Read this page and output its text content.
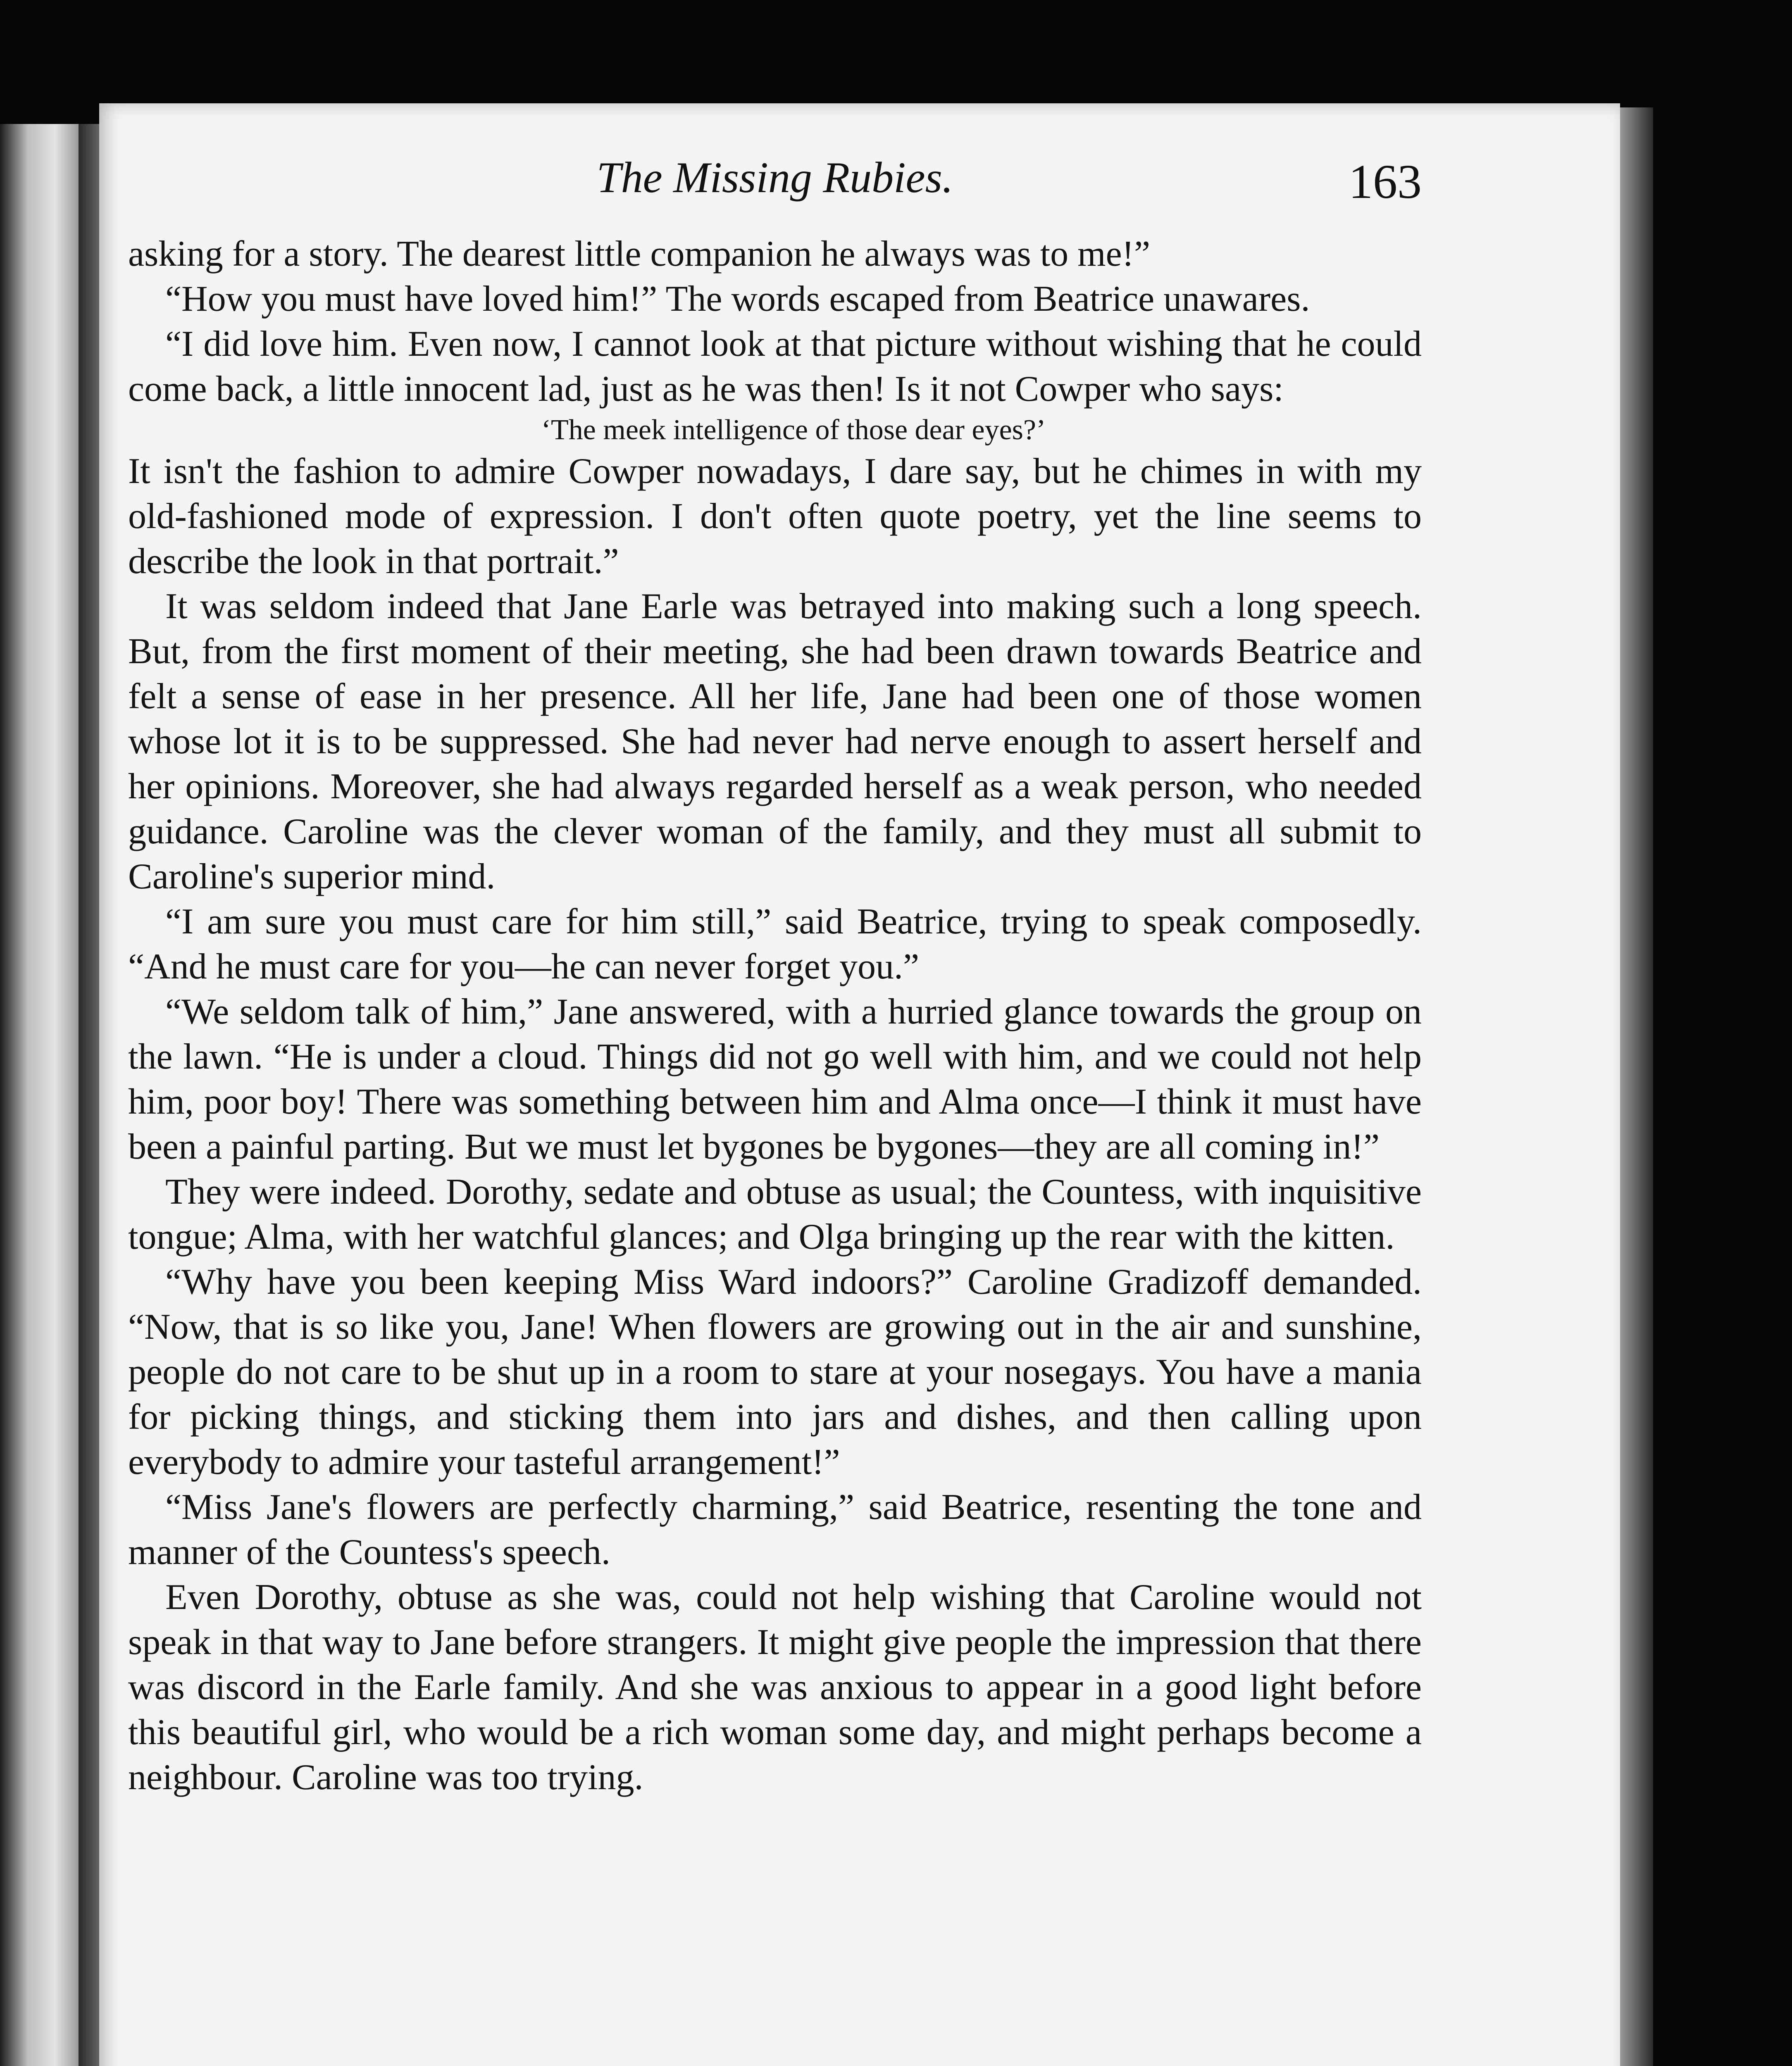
The Missing Rubies.	163

asking for a story. The dearest little companion he always was to me!”

“How you must have loved him!” The words escaped from Beatrice unawares.

“I did love him. Even now, I cannot look at that picture without wishing that he could come back, a little innocent lad, just as he was then! Is it not Cowper who says:

‘The meek intelligence of those dear eyes?’

It isn't the fashion to admire Cowper nowadays, I dare say, but he chimes in with my old-fashioned mode of expression. I don't often quote poetry, yet the line seems to describe the look in that portrait.”

It was seldom indeed that Jane Earle was betrayed into making such a long speech. But, from the first moment of their meeting, she had been drawn towards Beatrice and felt a sense of ease in her presence. All her life, Jane had been one of those women whose lot it is to be suppressed. She had never had nerve enough to assert herself and her opinions. Moreover, she had always regarded herself as a weak person, who needed guidance. Caroline was the clever woman of the family, and they must all submit to Caroline's superior mind.

“I am sure you must care for him still,” said Beatrice, trying to speak composedly. “And he must care for you—he can never forget you.”

“We seldom talk of him,” Jane answered, with a hurried glance towards the group on the lawn. “He is under a cloud. Things did not go well with him, and we could not help him, poor boy! There was something between him and Alma once—I think it must have been a painful parting. But we must let bygones be bygones—they are all coming in!”

They were indeed. Dorothy, sedate and obtuse as usual; the Countess, with inquisitive tongue; Alma, with her watchful glances; and Olga bringing up the rear with the kitten.

“Why have you been keeping Miss Ward indoors?” Caroline Gradizoff demanded. “Now, that is so like you, Jane! When flowers are growing out in the air and sunshine, people do not care to be shut up in a room to stare at your nosegays. You have a mania for picking things, and sticking them into jars and dishes, and then calling upon everybody to admire your tasteful arrangement!”

“Miss Jane's flowers are perfectly charming,” said Beatrice, resenting the tone and manner of the Countess's speech.

Even Dorothy, obtuse as she was, could not help wishing that Caroline would not speak in that way to Jane before strangers. It might give people the impression that there was discord in the Earle family. And she was anxious to appear in a good light before this beautiful girl, who would be a rich woman some day, and might perhaps become a neighbour. Caroline was too trying.
